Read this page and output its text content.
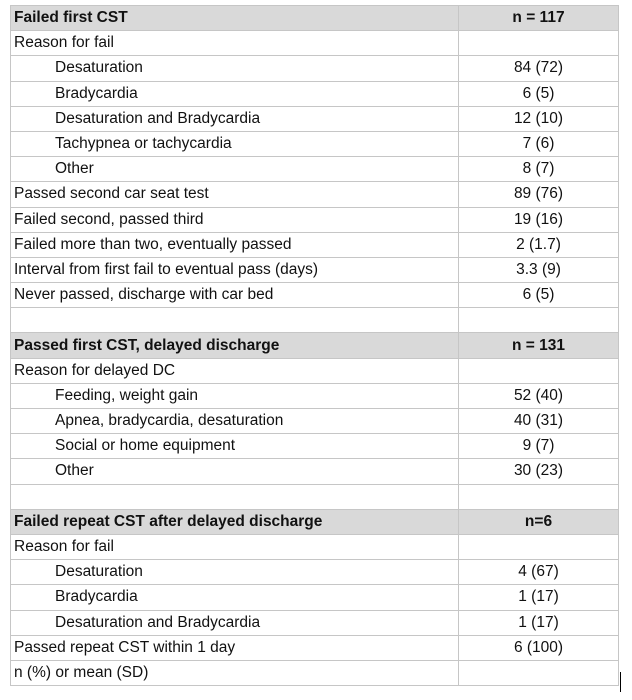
Failed first CST	n = 117
Reason for fail	
Desaturation	84 (72)
Bradycardia	6 (5)
Desaturation and Bradycardia	12 (10)
Tachypnea or tachycardia	7 (6)
Other	8 (7)
Passed second car seat test	89 (76)
Failed second, passed third	19 (16)
Failed more than two, eventually passed	2 (1.7)
Interval from first fail to eventual pass (days)	3.3 (9)
Never passed, discharge with car bed	6 (5)

Passed first CST, delayed discharge	n = 131
Reason for delayed DC	
Feeding, weight gain	52 (40)
Apnea, bradycardia, desaturation	40 (31)
Social or home equipment	9 (7)
Other	30 (23)

Failed repeat CST after delayed discharge	n=6
Reason for fail	
Desaturation	4 (67)
Bradycardia	1 (17)
Desaturation and Bradycardia	1 (17)
Passed repeat CST within 1 day	6 (100)
n (%) or mean (SD)	
